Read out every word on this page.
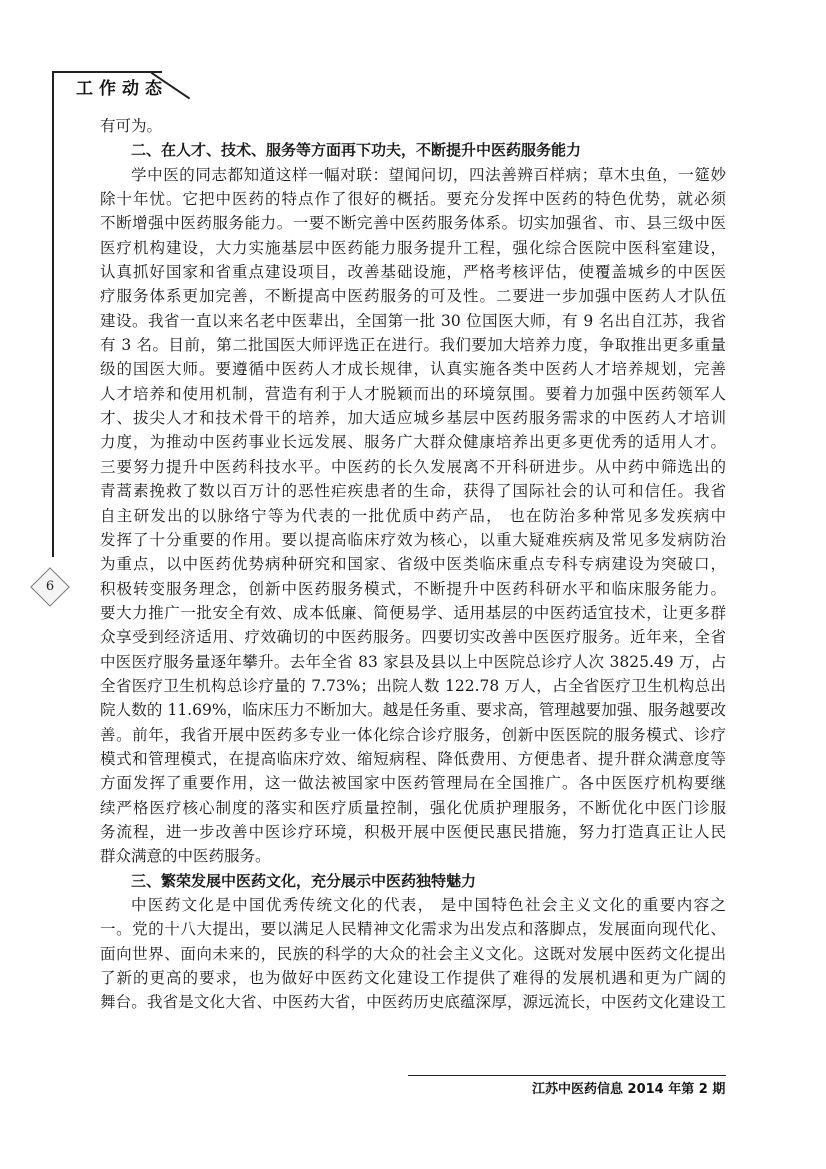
工作动态
6
有可为。
二、在人才、技术、服务等方面再下功夫，不断提升中医药服务能力
学中医的同志都知道这样一幅对联：望闻问切，四法善辨百样病；草木虫鱼，一筵妙
除十年忧。它把中医药的特点作了很好的概括。要充分发挥中医药的特色优势，就必须
不断增强中医药服务能力。一要不断完善中医药服务体系。切实加强省、市、县三级中医
医疗机构建设，大力实施基层中医药能力服务提升工程，强化综合医院中医科室建设，
认真抓好国家和省重点建设项目，改善基础设施，严格考核评估，使覆盖城乡的中医医
疗服务体系更加完善，不断提高中医药服务的可及性。二要进一步加强中医药人才队伍
建设。我省一直以来名老中医辈出，全国第一批 30 位国医大师，有 9 名出自江苏，我省
有 3 名。目前，第二批国医大师评选正在进行。我们要加大培养力度，争取推出更多重量
级的国医大师。要遵循中医药人才成长规律，认真实施各类中医药人才培养规划，完善
人才培养和使用机制，营造有利于人才脱颖而出的环境氛围。要着力加强中医药领军人
才、拔尖人才和技术骨干的培养，加大适应城乡基层中医药服务需求的中医药人才培训
力度，为推动中医药事业长远发展、服务广大群众健康培养出更多更优秀的适用人才。
三要努力提升中医药科技水平。中医药的长久发展离不开科研进步。从中药中筛选出的
青蒿素挽救了数以百万计的恶性疟疾患者的生命，获得了国际社会的认可和信任。我省
自主研发出的以脉络宁等为代表的一批优质中药产品， 也在防治多种常见多发疾病中
发挥了十分重要的作用。要以提高临床疗效为核心，以重大疑难疾病及常见多发病防治
为重点，以中医药优势病种研究和国家、省级中医类临床重点专科专病建设为突破口，
积极转变服务理念，创新中医药服务模式，不断提升中医药科研水平和临床服务能力。
要大力推广一批安全有效、成本低廉、简便易学、适用基层的中医药适宜技术，让更多群
众享受到经济适用、疗效确切的中医药服务。四要切实改善中医医疗服务。近年来，全省
中医医疗服务量逐年攀升。去年全省 83 家县及县以上中医院总诊疗人次 3825.49 万，占
全省医疗卫生机构总诊疗量的 7.73%；出院人数 122.78 万人，占全省医疗卫生机构总出
院人数的 11.69%，临床压力不断加大。越是任务重、要求高，管理越要加强、服务越要改
善。前年，我省开展中医药多专业一体化综合诊疗服务，创新中医医院的服务模式、诊疗
模式和管理模式，在提高临床疗效、缩短病程、降低费用、方便患者、提升群众满意度等
方面发挥了重要作用，这一做法被国家中医药管理局在全国推广。各中医医疗机构要继
续严格医疗核心制度的落实和医疗质量控制，强化优质护理服务，不断优化中医门诊服
务流程，进一步改善中医诊疗环境，积极开展中医便民惠民措施，努力打造真正让人民
群众满意的中医药服务。
三、繁荣发展中医药文化，充分展示中医药独特魅力
中医药文化是中国优秀传统文化的代表， 是中国特色社会主义文化的重要内容之
一。党的十八大提出，要以满足人民精神文化需求为出发点和落脚点，发展面向现代化、
面向世界、面向未来的，民族的科学的大众的社会主义文化。这既对发展中医药文化提出
了新的更高的要求，也为做好中医药文化建设工作提供了难得的发展机遇和更为广阔的
舞台。我省是文化大省、中医药大省，中医药历史底蕴深厚，源远流长，中医药文化建设工
江苏中医药信息 2014 年第 2 期
